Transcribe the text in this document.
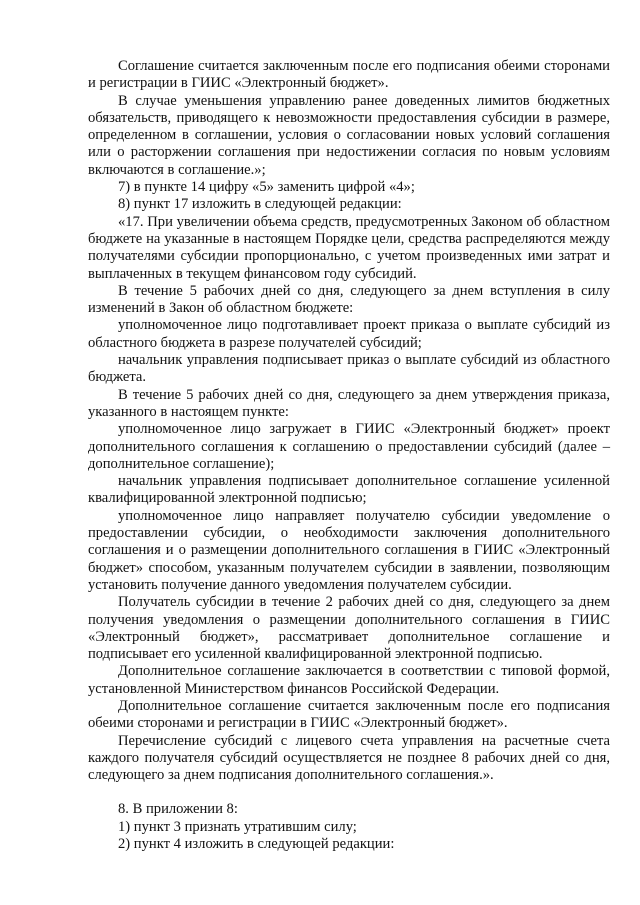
Соглашение считается заключенным после его подписания обеими сторонами и регистрации в ГИИС «Электронный бюджет».

В случае уменьшения управлению ранее доведенных лимитов бюджетных обязательств, приводящего к невозможности предоставления субсидии в размере, определенном в соглашении, условия о согласовании новых условий соглашения или о расторжении соглашения при недостижении согласия по новым условиям включаются в соглашение.»;

7) в пункте 14 цифру «5» заменить цифрой «4»;

8) пункт 17 изложить в следующей редакции:

«17. При увеличении объема средств, предусмотренных Законом об областном бюджете на указанные в настоящем Порядке цели, средства распределяются между получателями субсидии пропорционально, с учетом произведенных ими затрат и выплаченных в текущем финансовом году субсидий.

В течение 5 рабочих дней со дня, следующего за днем вступления в силу изменений в Закон об областном бюджете:

уполномоченное лицо подготавливает проект приказа о выплате субсидий из областного бюджета в разрезе получателей субсидий;

начальник управления подписывает приказ о выплате субсидий из областного бюджета.

В течение 5 рабочих дней со дня, следующего за днем утверждения приказа, указанного в настоящем пункте:

уполномоченное лицо загружает в ГИИС «Электронный бюджет» проект дополнительного соглашения к соглашению о предоставлении субсидий (далее – дополнительное соглашение);

начальник управления подписывает дополнительное соглашение усиленной квалифицированной электронной подписью;

уполномоченное лицо направляет получателю субсидии уведомление о предоставлении субсидии, о необходимости заключения дополнительного соглашения и о размещении дополнительного соглашения в ГИИС «Электронный бюджет» способом, указанным получателем субсидии в заявлении, позволяющим установить получение данного уведомления получателем субсидии.

Получатель субсидии в течение 2 рабочих дней со дня, следующего за днем получения уведомления о размещении дополнительного соглашения в ГИИС «Электронный бюджет», рассматривает дополнительное соглашение и подписывает его усиленной квалифицированной электронной подписью.

Дополнительное соглашение заключается в соответствии с типовой формой, установленной Министерством финансов Российской Федерации.

Дополнительное соглашение считается заключенным после его подписания обеими сторонами и регистрации в ГИИС «Электронный бюджет».

Перечисление субсидий с лицевого счета управления на расчетные счета каждого получателя субсидий осуществляется не позднее 8 рабочих дней со дня, следующего за днем подписания дополнительного соглашения.».

8. В приложении 8:

1) пункт 3 признать утратившим силу;

2) пункт 4 изложить в следующей редакции:
